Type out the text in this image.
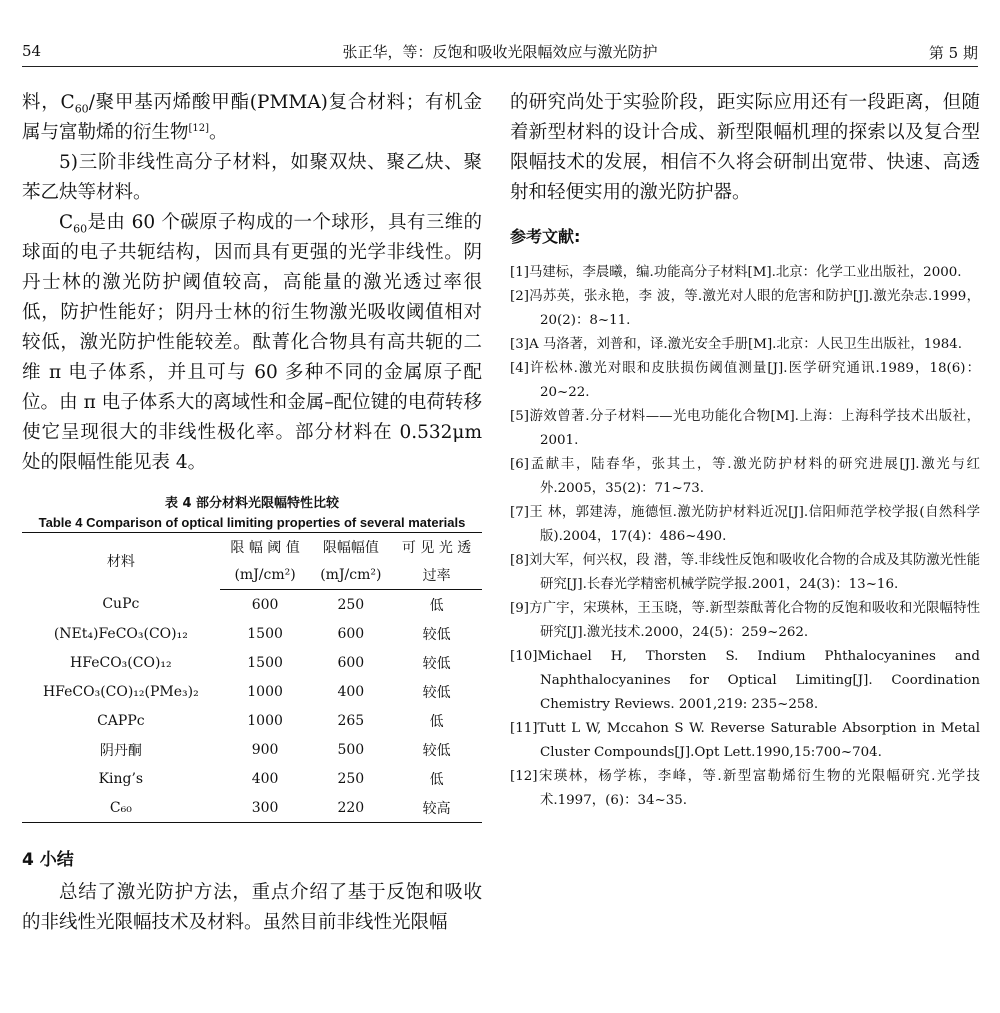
54	张正华，等：反饱和吸收光限幅效应与激光防护	第 5 期

料，$C_{60}/$聚甲基丙烯酸甲酯(PMMA)复合材料；有机金属与富勒烯的衍生物[12]。

5)三阶非线性高分子材料，如聚双炔、聚乙炔、聚苯乙炔等材料。

$C_{60}$是由 60 个碳原子构成的一个球形，具有三维的球面的电子共轭结构，因而具有更强的光学非线性。阴丹士林的激光防护阈值较高，高能量的激光透过率很低，防护性能好；阴丹士林的衍生物激光吸收阈值相对较低，激光防护性能较差。酞菁化合物具有高共轭的二维 π 电子体系，并且可与 60 多种不同的金属原子配位。由 π 电子体系大的离域性和金属–配位键的电荷转移使它呈现很大的非线性极化率。部分材料在 0.532μm 处的限幅性能见表 4。

表 4 部分材料光限幅特性比较
Table 4 Comparison of optical limiting properties of several materials
材料	限 幅 阈 值	限幅幅值	可 见 光 透
	(mJ/cm²)	(mJ/cm²)	过率
CuPc	600	250	低
(NEt₄)FeCO₃(CO)₁₂	1500	600	较低
HFeCO₃(CO)₁₂	1500	600	较低
HFeCO₃(CO)₁₂(PMe₃)₂	1000	400	较低
CAPPc	1000	265	低
阴丹酮	900	500	较低
King’s	400	250	低
C₆₀	300	220	较高
4 小结

总结了激光防护方法，重点介绍了基于反饱和吸收的非线性光限幅技术及材料。虽然目前非线性光限幅

的研究尚处于实验阶段，距实际应用还有一段距离，但随着新型材料的设计合成、新型限幅机理的探索以及复合型限幅技术的发展，相信不久将会研制出宽带、快速、高透射和轻便实用的激光防护器。

参考文献:

[1]马建标，李晨曦，编.功能高分子材料[M].北京：化学工业出版社，2000.

[2]冯苏英，张永艳，李 波，等.激光对人眼的危害和防护[J].激光杂志.1999，20(2)：8~11.

[3]A 马洛著，刘普和，译.激光安全手册[M].北京：人民卫生出版社，1984.

[4]许松林.激光对眼和皮肤损伤阈值测量[J].医学研究通讯.1989，18(6)：20~22.

[5]游效曾著.分子材料——光电功能化合物[M].上海：上海科学技术出版社，2001.

[6]孟献丰，陆春华，张其土，等.激光防护材料的研究进展[J].激光与红外.2005，35(2)：71~73.

[7]王 林，郭建涛，施德恒.激光防护材料近况[J].信阳师范学校学报(自然科学版).2004，17(4)：486~490.

[8]刘大军，何兴权，段 潜，等.非线性反饱和吸收化合物的合成及其防激光性能研究[J].长春光学精密机械学院学报.2001，24(3)：13~16.

[9]方广宇，宋瑛林，王玉晓，等.新型萘酞菁化合物的反饱和吸收和光限幅特性研究[J].激光技术.2000，24(5)：259~262.

[10]Michael H, Thorsten S. Indium Phthalocyanines and Naphthalocyanines for Optical Limiting[J]. Coordination Chemistry Reviews. 2001,219: 235~258.

[11]Tutt L W, Mccahon S W. Reverse Saturable Absorption in Metal Cluster Compounds[J].Opt Lett.1990,15:700~704.

[12]宋瑛林，杨学栋，李峰，等.新型富勒烯衍生物的光限幅研究.光学技术.1997，(6)：34~35.
